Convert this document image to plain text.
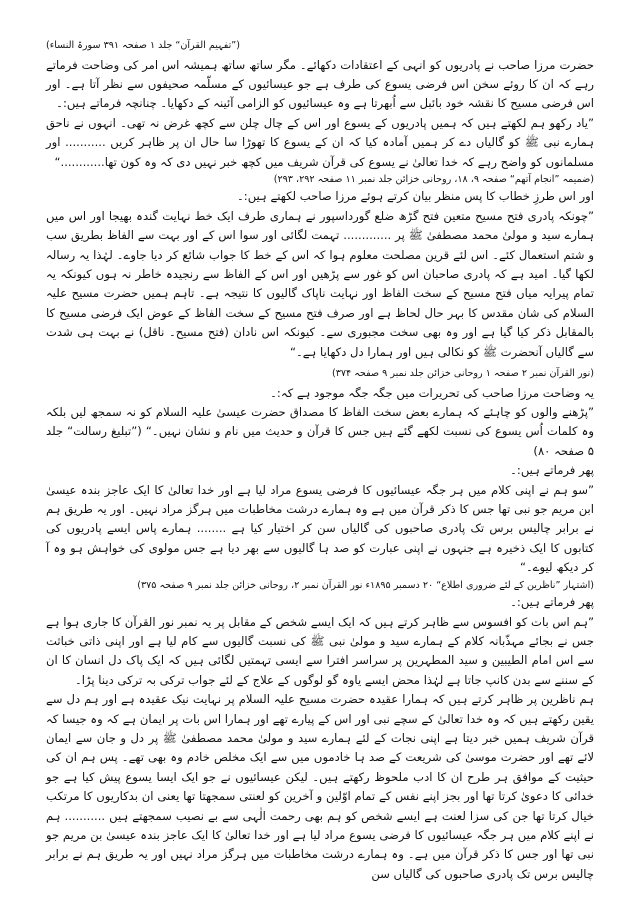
(”تفہیم القرآن“ جلد ۱ صفحہ ۳۹۱ سورۃ النساء)

حضرت مرزا صاحب نے پادریوں کو انہی کے اعتقادات دکھائے۔ مگر ساتھ ساتھ ہمیشہ اس امر کی وضاحت فرماتے رہے کہ ان کا روئے سخن اس فرضی یسوع کی طرف ہے جو عیسائیوں کے مسلّمہ صحیفوں سے نظر آتا ہے۔ اور اس فرضی مسیح کا نقشہ خود بائبل سے اُبھرتا ہے وہ عیسائیوں کو الزامی آئینہ کے دکھایا۔ چنانچہ فرماتے ہیں:۔

”یاد رکھو ہم لکھتے ہیں کہ ہمیں پادریوں کے یسوع اور اس کے چال چلن سے کچھ غرض نہ تھی۔ انہوں نے ناحق ہمارے نبی ﷺ کو گالیاں دے کر ہمیں آمادہ کیا کہ ان کے یسوع کا تھوڑا سا حال ان پر ظاہر کریں ........... اور مسلمانوں کو واضح رہے کہ خدا تعالیٰ نے یسوع کی قرآن شریف میں کچھ خبر نہیں دی کہ وہ کون تھا............“

(ضمیمہ ”انجام آتھم“ صفحہ ۹، ۱۸، روحانی خزائن جلد نمبر ۱۱ صفحہ ۲۹۲، ۲۹۳)

اور اس طرزِ خطاب کا پس منظر بیان کرتے ہوئے مرزا صاحب لکھتے ہیں:۔

”چونکہ پادری فتح مسیح متعین فتح گڑھ ضلع گورداسپور نے ہماری طرف ایک خط نہایت گندہ بھیجا اور اس میں ہمارے سید و مولیٰ محمد مصطفیٰ ﷺ پر ............. تہمت لگائی اور سوا اس کے اور بہت سے الفاظ بطریق سب و شتم استعمال کئے۔ اس لئے قرین مصلحت معلوم ہوا کہ اس کے خط کا جواب شائع کر دیا جاوے۔ لہٰذا یہ رسالہ لکھا گیا۔ امید ہے کہ پادری صاحبان اس کو غور سے پڑھیں اور اس کے الفاظ سے رنجیدہ خاطر نہ ہوں کیونکہ یہ تمام پیرایہ میاں فتح مسیح کے سخت الفاظ اور نہایت ناپاک گالیوں کا نتیجہ ہے۔ تاہم ہمیں حضرت مسیح علیہ السلام کی شان مقدس کا بہر حال لحاظ ہے اور صرف فتح مسیح کے سخت الفاظ کے عوض ایک فرضی مسیح کا بالمقابل ذکر کیا گیا ہے اور وہ بھی سخت مجبوری سے۔ کیونکہ اس نادان (فتح مسیح۔ ناقل) نے بہت ہی شدت سے گالیاں آنحضرت ﷺ کو نکالی ہیں اور ہمارا دل دکھایا ہے۔“

(نور القرآن نمبر ۲ صفحہ ۱ روحانی خزائن جلد نمبر ۹ صفحہ ۳۷۴)

یہ وضاحت مرزا صاحب کی تحریرات میں جگہ جگہ موجود ہے کہ:۔

”پڑھنے والوں کو چاہئے کہ ہمارے بعض سخت الفاظ کا مصداق حضرت عیسیٰ علیہ السلام کو نہ سمجھ لیں بلکہ وہ کلمات اُس یسوع کی نسبت لکھے گئے ہیں جس کا قرآن و حدیث میں نام و نشان نہیں۔“ (”تبلیغ رسالت“ جلد ۵ صفحہ ۸۰)

پھر فرماتے ہیں:۔

”سو ہم نے اپنی کلام میں ہر جگہ عیسائیوں کا فرضی یسوع مراد لیا ہے اور خدا تعالیٰ کا ایک عاجز بندہ عیسیٰ ابن مریم جو نبی تھا جس کا ذکر قرآن میں ہے وہ ہمارے درشت مخاطبات میں ہرگز مراد نہیں۔ اور یہ طریق ہم نے برابر چالیس برس تک پادری صاحبوں کی گالیاں سن کر اختیار کیا ہے ........ ہمارے پاس ایسے پادریوں کی کتابوں کا ایک ذخیرہ ہے جنہوں نے اپنی عبارت کو صد ہا گالیوں سے بھر دیا ہے جس مولوی کی خواہش ہو وہ آ کر دیکھ لیوے۔“

(اشتہار ”ناظرین کے لئے ضروری اطلاع“ ۲۰ دسمبر ۱۸۹۵ء نور القرآن نمبر ۲، روحانی خزائن جلد نمبر ۹ صفحہ ۳۷۵)

پھر فرماتے ہیں:۔

”ہم اس بات کو افسوس سے ظاہر کرتے ہیں کہ ایک ایسے شخص کے مقابل پر یہ نمبر نور القرآن کا جاری ہوا ہے جس نے بجائے مہذّبانہ کلام کے ہمارے سید و مولیٰ نبی ﷺ کی نسبت گالیوں سے کام لیا ہے اور اپنی ذاتی خباثت سے اس امام الطیبین و سید المطہرین پر سراسر افترا سے ایسی تہمتیں لگائی ہیں کہ ایک پاک دل انسان کا ان کے سننے سے بدن کانپ جاتا ہے لہٰذا محض ایسے یاوہ گو لوگوں کے علاج کے لئے جواب ترکی بہ ترکی دینا پڑا۔

ہم ناظرین پر ظاہر کرتے ہیں کہ ہمارا عقیدہ حضرت مسیح علیہ السلام پر نہایت نیک عقیدہ ہے اور ہم دل سے یقین رکھتے ہیں کہ وہ خدا تعالیٰ کے سچے نبی اور اس کے پیارے تھے اور ہمارا اس بات پر ایمان ہے کہ وہ جیسا کہ قرآن شریف ہمیں خبر دیتا ہے اپنی نجات کے لئے ہمارے سید و مولیٰ محمد مصطفیٰ ﷺ پر دل و جان سے ایمان لائے تھے اور حضرت موسیٰ کی شریعت کے صد ہا خادموں میں سے ایک مخلص خادم وہ بھی تھے۔ پس ہم ان کی حیثیت کے موافق ہر طرح ان کا ادب ملحوظ رکھتے ہیں۔ لیکن عیسائیوں نے جو ایک ایسا یسوع پیش کیا ہے جو خدائی کا دعویٰ کرتا تھا اور بجز اپنے نفس کے تمام اوّلین و آخرین کو لعنتی سمجھتا تھا یعنی ان بدکاریوں کا مرتکب خیال کرتا تھا جن کی سزا لعنت ہے ایسے شخص کو ہم بھی رحمت الٰہی سے بے نصیب سمجھتے ہیں ........... ہم نے اپنے کلام میں ہر جگہ عیسائیوں کا فرضی یسوع مراد لیا ہے اور خدا تعالیٰ کا ایک عاجز بندہ عیسیٰ بن مریم جو نبی تھا اور جس کا ذکر قرآن میں ہے۔ وہ ہمارے درشت مخاطبات میں ہرگز مراد نہیں اور یہ طریق ہم نے برابر چالیس برس تک پادری صاحبوں کی گالیاں سن
